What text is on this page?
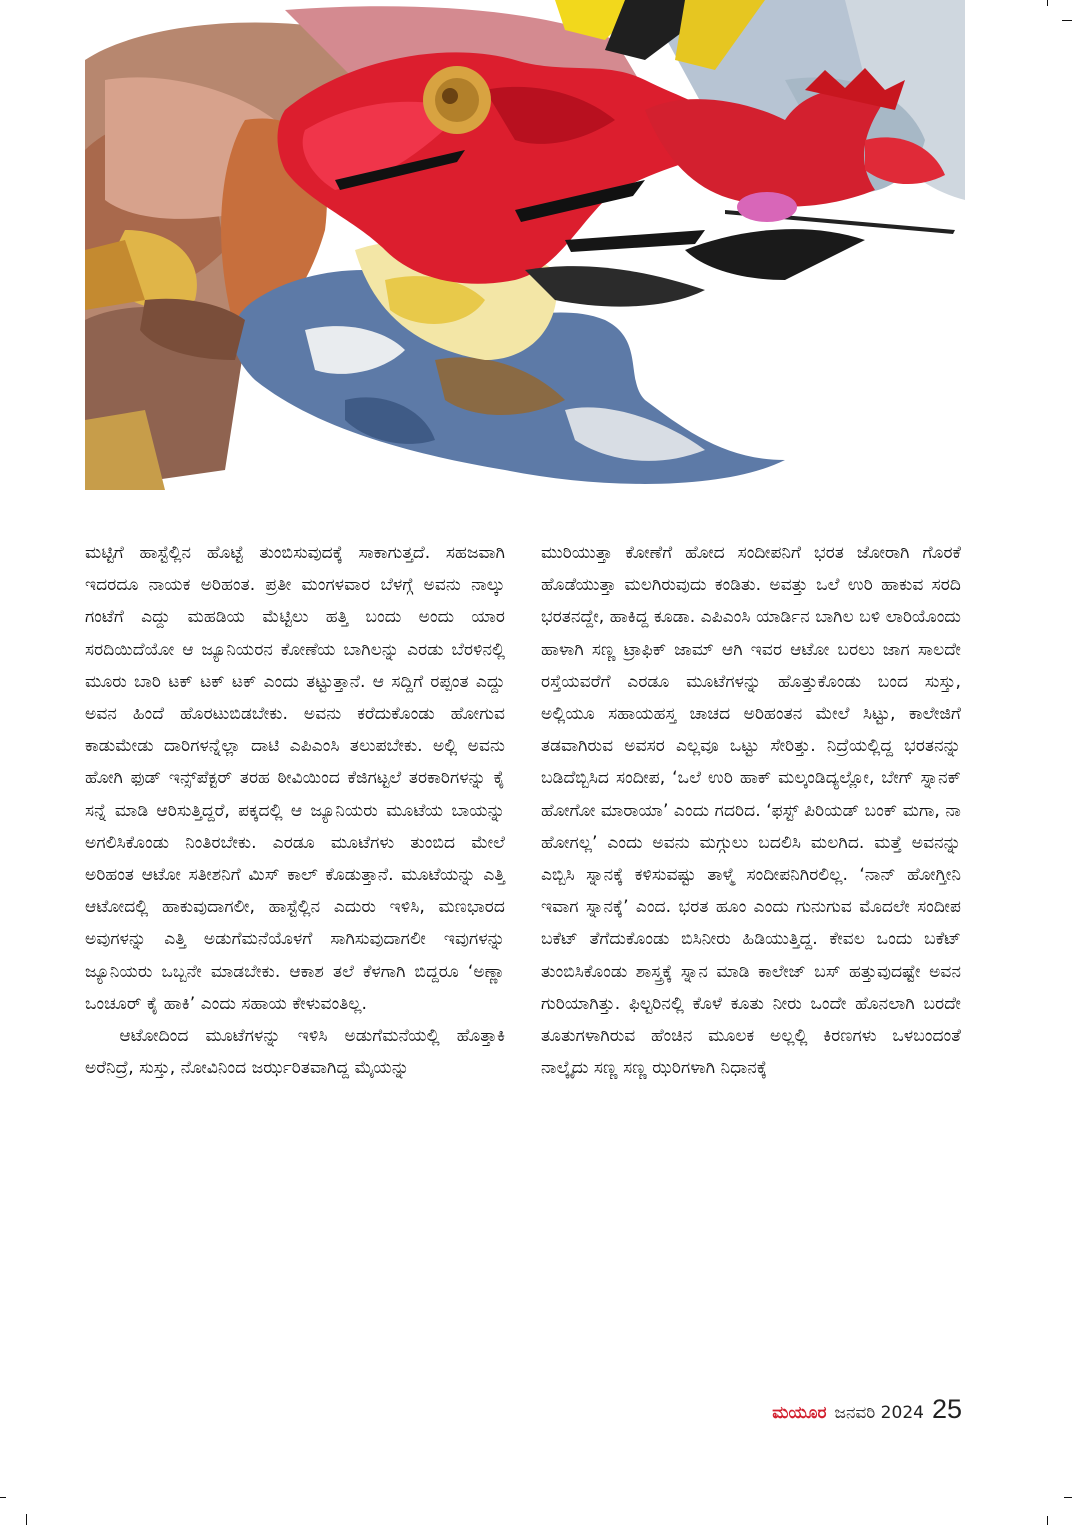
ಮಟ್ಟಿಗೆ ಹಾಸ್ಟೆಲ್ಲಿನ ಹೊಟ್ಟೆ ತುಂಬಿಸುವುದಕ್ಕೆ ಸಾಕಾಗುತ್ತದೆ. ಸಹಜವಾಗಿ ಇದರದೂ ನಾಯಕ ಅರಿಹಂತ. ಪ್ರತೀ ಮಂಗಳವಾರ ಬೆಳಗ್ಗೆ ಅವನು ನಾಲ್ಕು ಗಂಟೆಗೆ ಎದ್ದು ಮಹಡಿಯ ಮೆಟ್ಟಿಲು ಹತ್ತಿ ಬಂದು ಅಂದು ಯಾರ ಸರದಿಯಿದೆಯೋ ಆ ಜ್ಯೂನಿಯರನ ಕೋಣೆಯ ಬಾಗಿಲನ್ನು ಎರಡು ಬೆರಳಿನಲ್ಲಿ ಮೂರು ಬಾರಿ ಟಕ್ ಟಕ್ ಟಕ್ ಎಂದು ತಟ್ಟುತ್ತಾನೆ. ಆ ಸದ್ದಿಗೆ ರಪ್ಪಂತ ಎದ್ದು ಅವನ ಹಿಂದೆ ಹೊರಟುಬಿಡಬೇಕು. ಅವನು ಕರೆದುಕೊಂಡು ಹೋಗುವ ಕಾಡುಮೇಡು ದಾರಿಗಳನ್ನೆಲ್ಲಾ ದಾಟಿ ಎಪಿಎಂಸಿ ತಲುಪಬೇಕು. ಅಲ್ಲಿ ಅವನು ಹೋಗಿ ಫುಡ್ ಇನ್ಸ್‌ಪೆಕ್ಟರ್ ತರಹ ಠೀವಿಯಿಂದ ಕೆಜಿಗಟ್ಟಲೆ ತರಕಾರಿಗಳನ್ನು ಕೈ ಸನ್ನೆ ಮಾಡಿ ಆರಿಸುತ್ತಿದ್ದರೆ, ಪಕ್ಕದಲ್ಲಿ ಆ ಜ್ಯೂನಿಯರು ಮೂಟೆಯ ಬಾಯನ್ನು ಅಗಲಿಸಿಕೊಂಡು ನಿಂತಿರಬೇಕು. ಎರಡೂ ಮೂಟೆಗಳು ತುಂಬಿದ ಮೇಲೆ ಅರಿಹಂತ ಆಟೋ ಸತೀಶನಿಗೆ ಮಿಸ್ ಕಾಲ್ ಕೊಡುತ್ತಾನೆ. ಮೂಟೆಯನ್ನು ಎತ್ತಿ ಆಟೋದಲ್ಲಿ ಹಾಕುವುದಾಗಲೀ, ಹಾಸ್ಟೆಲ್ಲಿನ ಎದುರು ಇಳಿಸಿ, ಮಣಭಾರದ ಅವುಗಳನ್ನು ಎತ್ತಿ ಅಡುಗೆಮನೆಯೊಳಗೆ ಸಾಗಿಸುವುದಾಗಲೀ ಇವುಗಳನ್ನು ಜ್ಯೂನಿಯರು ಒಬ್ಬನೇ ಮಾಡಬೇಕು. ಆಕಾಶ ತಲೆ ಕೆಳಗಾಗಿ ಬಿದ್ದರೂ ‘ಅಣ್ಣಾ ಒಂಚೂರ್ ಕೈ ಹಾಕಿ’ ಎಂದು ಸಹಾಯ ಕೇಳುವಂತಿಲ್ಲ.

ಆಟೋದಿಂದ ಮೂಟೆಗಳನ್ನು ಇಳಿಸಿ ಅಡುಗೆಮನೆಯಲ್ಲಿ ಹೊತ್ತಾಕಿ ಅರೆನಿದ್ರೆ, ಸುಸ್ತು, ನೋವಿನಿಂದ ಜರ್ಝರಿತವಾಗಿದ್ದ ಮೈಯನ್ನು

ಮುರಿಯುತ್ತಾ ಕೋಣೆಗೆ ಹೋದ ಸಂದೀಪನಿಗೆ ಭರತ ಜೋರಾಗಿ ಗೊರಕೆ ಹೊಡೆಯುತ್ತಾ ಮಲಗಿರುವುದು ಕಂಡಿತು. ಅವತ್ತು ಒಲೆ ಉರಿ ಹಾಕುವ ಸರದಿ ಭರತನದ್ದೇ, ಹಾಕಿದ್ದ ಕೂಡಾ. ಎಪಿಎಂಸಿ ಯಾರ್ಡಿನ ಬಾಗಿಲ ಬಳಿ ಲಾರಿಯೊಂದು ಹಾಳಾಗಿ ಸಣ್ಣ ಟ್ರಾಫಿಕ್ ಜಾಮ್ ಆಗಿ ಇವರ ಆಟೋ ಬರಲು ಜಾಗ ಸಾಲದೇ ರಸ್ತೆಯವರೆಗೆ ಎರಡೂ ಮೂಟೆಗಳನ್ನು ಹೊತ್ತುಕೊಂಡು ಬಂದ ಸುಸ್ತು, ಅಲ್ಲಿಯೂ ಸಹಾಯಹಸ್ತ ಚಾಚದ ಅರಿಹಂತನ ಮೇಲೆ ಸಿಟ್ಟು, ಕಾಲೇಜಿಗೆ ತಡವಾಗಿರುವ ಅವಸರ ಎಲ್ಲವೂ ಒಟ್ಟು ಸೇರಿತ್ತು. ನಿದ್ರೆಯಲ್ಲಿದ್ದ ಭರತನನ್ನು ಬಡಿದೆಬ್ಬಿಸಿದ ಸಂದೀಪ, ‘ಒಲೆ ಉರಿ ಹಾಕ್ ಮಲ್ಕಂಡಿದ್ಯಲ್ಲೋ, ಬೇಗ್ ಸ್ನಾನಕ್ ಹೋಗೋ ಮಾರಾಯಾ’ ಎಂದು ಗದರಿದ. ‘ಫಸ್ಟ್ ಪಿರಿಯಡ್ ಬಂಕ್ ಮಗಾ, ನಾ ಹೋಗಲ್ಲ’ ಎಂದು ಅವನು ಮಗ್ಗುಲು ಬದಲಿಸಿ ಮಲಗಿದ. ಮತ್ತೆ ಅವನನ್ನು ಎಬ್ಬಿಸಿ ಸ್ನಾನಕ್ಕೆ ಕಳಿಸುವಷ್ಟು ತಾಳ್ಮೆ ಸಂದೀಪನಿಗಿರಲಿಲ್ಲ. ‘ನಾನ್ ಹೋಗ್ತೀನಿ ಇವಾಗ ಸ್ನಾನಕ್ಕೆ’ ಎಂದ. ಭರತ ಹೂಂ ಎಂದು ಗುನುಗುವ ಮೊದಲೇ ಸಂದೀಪ ಬಕೆಟ್ ತೆಗೆದುಕೊಂಡು ಬಿಸಿನೀರು ಹಿಡಿಯುತ್ತಿದ್ದ. ಕೇವಲ ಒಂದು ಬಕೆಟ್ ತುಂಬಿಸಿಕೊಂಡು ಶಾಸ್ತ್ರಕ್ಕೆ ಸ್ನಾನ ಮಾಡಿ ಕಾಲೇಜ್ ಬಸ್ ಹತ್ತುವುದಷ್ಟೇ ಅವನ ಗುರಿಯಾಗಿತ್ತು. ಫಿಲ್ಟರಿನಲ್ಲಿ ಕೊಳೆ ಕೂತು ನೀರು ಒಂದೇ ಹೊನಲಾಗಿ ಬರದೇ ತೂತುಗಳಾಗಿರುವ ಹೆಂಚಿನ ಮೂಲಕ ಅಲ್ಲಲ್ಲಿ ಕಿರಣಗಳು ಒಳಬಂದಂತೆ ನಾಲ್ಕೈದು ಸಣ್ಣ ಸಣ್ಣ ಝರಿಗಳಾಗಿ ನಿಧಾನಕ್ಕೆ

ಮಯೂರ ಜನವರಿ 2024 25
